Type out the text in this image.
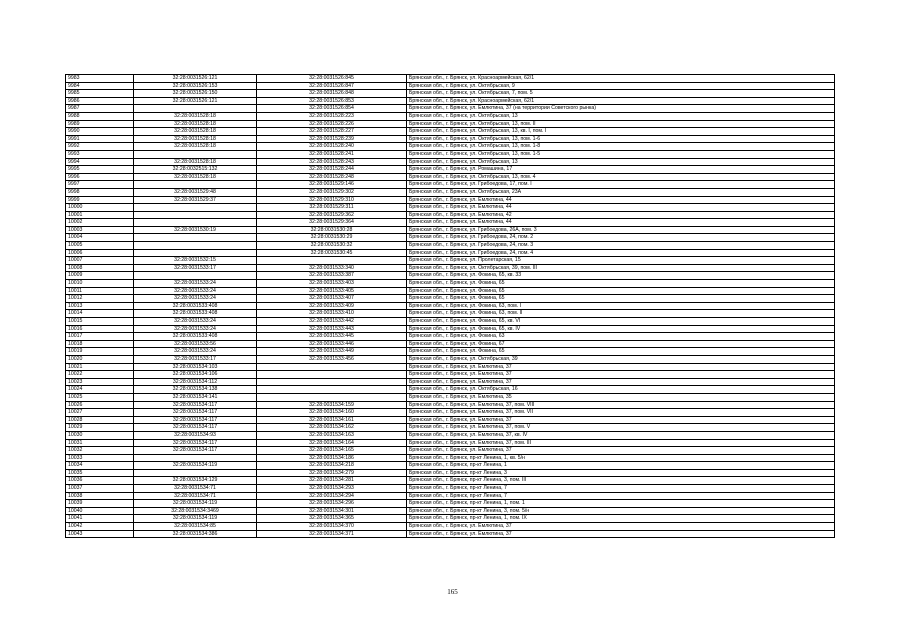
9983	32:28:0031526:121	32:28:0031526:845	Брянская обл., г. Брянск, ул. Красноармейская, 62/1
9984	32:28:0031526:153	32:28:0031526:847	Брянская обл., г. Брянск, ул. Октябрьская, 9
9985	32:28:0031526:150	32:28:0031526:848	Брянская обл., г. Брянск, ул. Октябрьская, 7, пом. 5
9986	32:28:0031526:121	32:28:0031526:853	Брянская обл., г. Брянск, ул. Красноармейская, 62/1
9987		32:28:0031526:854	Брянская обл., г. Брянск, ул. Емлютина, 37 (на территории Советского рынка)
9988	32:28:0031528:18	32:28:0031528:223	Брянская обл., г. Брянск, ул. Октябрьская, 13
9989	32:28:0031528:18	32:28:0031528:226	Брянская обл., г. Брянск, ул. Октябрьская, 13, пом. II
9990	32:28:0031528:18	32:28:0031528:227	Брянская обл., г. Брянск, ул. Октябрьская, 13, кв. I, пом. I
9991	32:28:0031528:18	32:28:0031528:239	Брянская обл., г. Брянск, ул. Октябрьская, 13, пом. 1-6
9992	32:28:0031528:18	32:28:0031528:240	Брянская обл., г. Брянск, ул. Октябрьская, 13, пом. 1-8
9993		32:28:0031528:241	Брянская обл., г. Брянск, ул. Октябрьская, 13, пом. 1-5
9994	32:28:0031528:18	32:28:0031528:243	Брянская обл., г. Брянск, ул. Октябрьская, 13
9995	32:28:0032515:132	32:28:0031528:244	Брянская обл., г. Брянск, ул. Ромашина, 17
9996	32:28:0031528:18	32:28:0031528:248	Брянская обл., г. Брянск, ул. Октябрьская, 13, пом. 4
9997		32:28:0031529:146	Брянская обл., г. Брянск, ул. Грибоедова, 17, пом. I
9998	32:28:0031529:48	32:28:0031529:302	Брянская обл., г. Брянск, ул. Октябрьская, 23А
9999	32:28:0031529:37	32:28:0031529:310	Брянская обл., г. Брянск, ул. Емлютина, 44
10000		32:28:0031529:311	Брянская обл., г. Брянск, ул. Емлютина, 44
10001		32:28:0031529:362	Брянская обл., г. Брянск, ул. Емлютина, 42
10002		32:28:0031529:364	Брянская обл., г. Брянск, ул. Емлютина, 44
10003	32:28:0031530:19	32:28:0031530:28	Брянская обл., г. Брянск, ул. Грибоедова, 26А, пом. 3
10004		32:28:0031530:29	Брянская обл., г. Брянск, ул. Грибоедова, 24, пом. 2
10005		32:28:0031530:32	Брянская обл., г. Брянск, ул. Грибоедова, 24, пом. 3
10006		32:28:0031530:45	Брянская обл., г. Брянск, ул. Грибоедова, 24, пом. 4
10007	32:28:0031532:15		Брянская обл., г. Брянск, ул. Пролетарская, 15
10008	32:28:0031533:17	32:28:0031533:340	Брянская обл., г. Брянск, ул. Октябрьская, 39, пом. III
10009		32:28:0031533:387	Брянская обл., г. Брянск, ул. Фокина, 65, кв. 33
10010	32:28:0031533:24	32:28:0031533:403	Брянская обл., г. Брянск, ул. Фокина, 65
10011	32:28:0031533:24	32:28:0031533:405	Брянская обл., г. Брянск, ул. Фокина, 65
10012	32:28:0031533:24	32:28:0031533:407	Брянская обл., г. Брянск, ул. Фокина, 65
10013	32:28:0031533:408	32:28:0031533:409	Брянская обл., г. Брянск, ул. Фокина, 63, пом. I
10014	32:28:0031533:408	32:28:0031533:410	Брянская обл., г. Брянск, ул. Фокина, 63, пом. II
10015	32:28:0031533:24	32:28:0031533:442	Брянская обл., г. Брянск, ул. Фокина, 65, кв. VI
10016	32:28:0031533:24	32:28:0031533:443	Брянская обл., г. Брянск, ул. Фокина, 65, кв. IV
10017	32:28:0031533:408	32:28:0031533:445	Брянская обл., г. Брянск, ул. Фокина, 63
10018	32:28:0031533:56	32:28:0031533:446	Брянская обл., г. Брянск, ул. Фокина, 67
10019	32:28:0031533:24	32:28:0031533:449	Брянская обл., г. Брянск, ул. Фокина, 65
10020	32:28:0031533:17	32:28:0031533:456	Брянская обл., г. Брянск, ул. Октябрьская, 39
10021	32:28:0031534:103		Брянская обл., г. Брянск, ул. Емлютина, 37
10022	32:28:0031534:106		Брянская обл., г. Брянск, ул. Емлютина, 37
10023	32:28:0031534:112		Брянская обл., г. Брянск, ул. Емлютина, 37
10024	32:28:0031534:138		Брянская обл., г. Брянск, ул. Октябрьская, 16
10025	32:28:0031534:141		Брянская обл., г. Брянск, ул. Емлютина, 35
10026	32:28:0031534:117	32:28:0031534:159	Брянская обл., г. Брянск, ул. Емлютина, 37, пом. VIII
10027	32:28:0031534:117	32:28:0031534:160	Брянская обл., г. Брянск, ул. Емлютина, 37, пом. VII
10028	32:28:0031534:117	32:28:0031534:161	Брянская обл., г. Брянск, ул. Емлютина, 37
10029	32:28:0031534:117	32:28:0031534:162	Брянская обл., г. Брянск, ул. Емлютина, 37, пом. V
10030	32:28:0031534:93	32:28:0031534:163	Брянская обл., г. Брянск, ул. Емлютина, 37, кв. IV
10031	32:28:0031534:117	32:28:0031534:164	Брянская обл., г. Брянск, ул. Емлютина, 37, пом. III
10032	32:28:0031534:117	32:28:0031534:165	Брянская обл., г. Брянск, ул. Емлютина, 37
10033		32:28:0031534:186	Брянская обл., г. Брянск, пр-кт Ленина, 1, кв. 5/н
10034	32:28:0031534:119	32:28:0031534:218	Брянская обл., г. Брянск, пр-кт Ленина, 1
10035		32:28:0031534:279	Брянская обл., г. Брянск, пр-кт Ленина, 3
10036	32:28:0031534:129	32:28:0031534:281	Брянская обл., г. Брянск, пр-кт Ленина, 3, пом. III
10037	32:28:0031534:71	32:28:0031534:293	Брянская обл., г. Брянск, пр-кт Ленина, 7
10038	32:28:0031534:71	32:28:0031534:294	Брянская обл., г. Брянск, пр-кт Ленина, 7
10039	32:28:0031534:119	32:28:0031534:296	Брянская обл., г. Брянск, пр-кт Ленина, 1, пом. 1
10040	32:28:0031534:3469	32:28:0031534:301	Брянская обл., г. Брянск, пр-кт Ленина, 3, пом. 5/н
10041	32:28:0031534:119	32:28:0031534:365	Брянская обл., г. Брянск, пр-кт Ленина, 1, пом. IX
10042	32:28:0031534:85	32:28:0031534:370	Брянская обл., г. Брянск, ул. Емлютина, 37
10043	32:28:0031534:386	32:28:0031534:371	Брянская обл., г. Брянск, ул. Емлютина, 37
165
